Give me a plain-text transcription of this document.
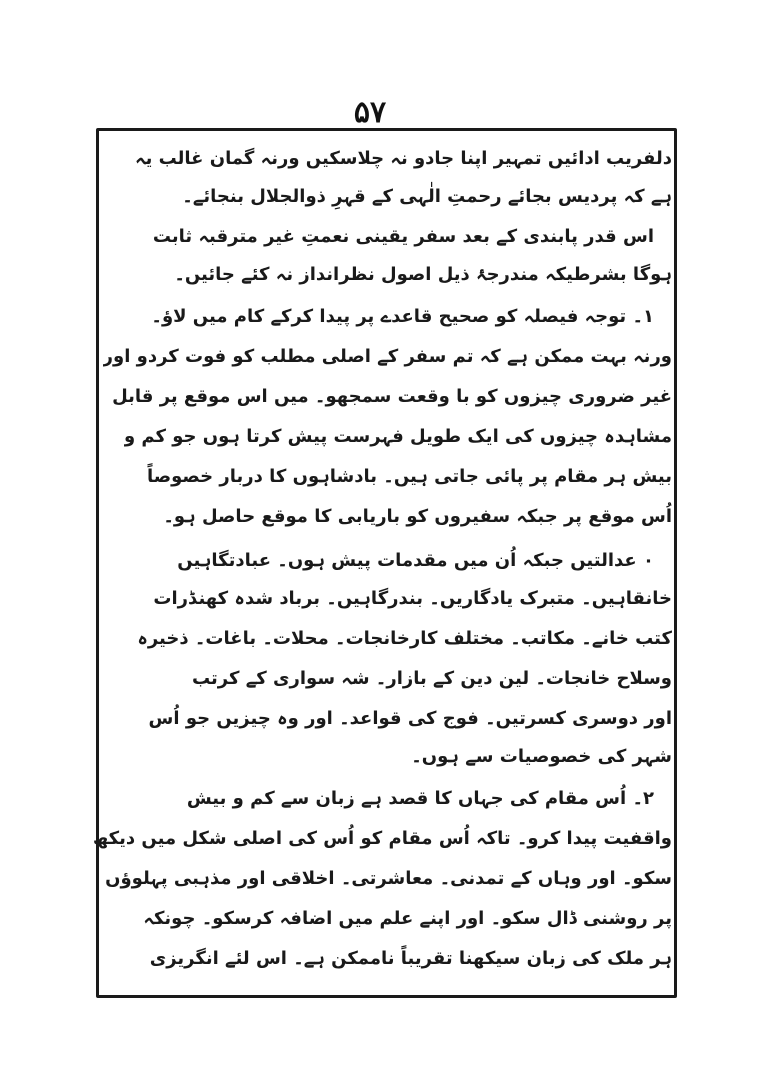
۵۷
دلفریب ادائیں تمہیر اپنا جادو نہ چلاسکیں ورنہ گمان غالب یہ
ہے کہ پردیس بجائے رحمتِ الٰہی کے قہرِ ذوالجلال بنجائے۔
اس قدر پابندی کے بعد سفر یقینی نعمتِ غیر مترقبہ ثابت
ہوگا بشرطیکہ مندرجۂ ذیل اصول نظرانداز نہ کئے جائیں۔
۱۔ توجہ فیصلہ کو صحیح قاعدے پر پیدا کرکے کام میں لاؤ۔
ورنہ بہت ممکن ہے کہ تم سفر کے اصلی مطلب کو فوت کردو اور
غیر ضروری چیزوں کو با وقعت سمجھو۔ میں اس موقع پر قابل
مشاہدہ چیزوں کی ایک طویل فہرست پیش کرتا ہوں جو کم و
بیش ہر مقام پر پائی جاتی ہیں۔ بادشاہوں کا دربار خصوصاً
اُس موقع پر جبکہ سفیروں کو باریابی کا موقع حاصل ہو۔
۰ عدالتیں جبکہ اُن میں مقدمات پیش ہوں۔ عبادتگاہیں
خانقاہیں۔ متبرک یادگاریں۔ بندرگاہیں۔ برباد شدہ کھنڈرات
کتب خانے۔ مکاتب۔ مختلف کارخانجات۔ محلات۔ باغات۔ ذخیرہ
وسلاح خانجات۔ لین دین کے بازار۔ شہ سواری کے کرتب
اور دوسری کسرتیں۔ فوج کی قواعد۔ اور وہ چیزیں جو اُس
شہر کی خصوصیات سے ہوں۔
۲۔ اُس مقام کی جہاں کا قصد ہے زبان سے کم و بیش
واقفیت پیدا کرو۔ تاکہ اُس مقام کو اُس کی اصلی شکل میں دیکھ
سکو۔ اور وہاں کے تمدنی۔ معاشرتی۔ اخلاقی اور مذہبی پہلوؤں
پر روشنی ڈال سکو۔ اور اپنے علم میں اضافہ کرسکو۔ چونکہ
ہر ملک کی زبان سیکھنا تقریباً ناممکن ہے۔ اس لئے انگریزی
